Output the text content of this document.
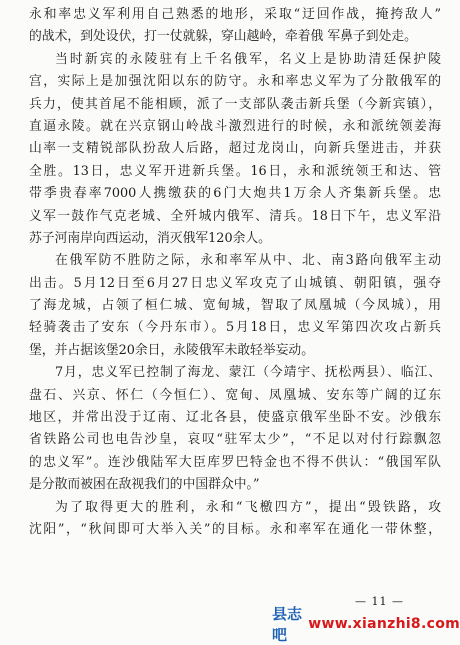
永和率忠义军利用自己熟悉的地形，采取“迂回作战，掩挎敌人”
的战术，到处设伏，打一仗就躲，穿山越岭，牵着俄 军鼻子到处走。
当时新宾的永陵驻有上千名俄军，名义上是协助清廷保护陵
宫，实际上是加强沈阳以东的防守。永和率忠义军为了分散俄军的
兵力，使其首尾不能相顾，派了一支部队袭击新兵堡（今新宾镇），
直逼永陵。就在兴京钢山岭战斗激烈进行的时候，永和派统领姜海
山率一支精锐部队扮敌人后路，超过龙岗山，向新兵堡进击，并获
全胜。13日，忠义军开进新兵堡。16日，永和派统领王和达、管
带季贵春率7000人携缴获的6门大炮共1万余人齐集新兵堡。忠
义军一鼓作气克老城、全歼城内俄军、清兵。18日下午，忠义军沿
苏子河南岸向西运动，消灭俄军120余人。
在俄军防不胜防之际，永和率军从中、北、南3路向俄军主动
出击。5月12日至6月27日忠义军攻克了山城镇、朝阳镇，强夺
了海龙城，占领了桓仁城、宽甸城，智取了凤凰城（今凤城），用
轻骑袭击了安东（今丹东市）。5月18日，忠义军第四次攻占新兵
堡，并占据该堡20余日，永陵俄军未敢轻举妄动。
7月，忠义军已控制了海龙、蒙江（今靖宇、抚松两县）、临江、
盘石、兴京、怀仁（今恒仁）、宽甸、凤凰城、安东等广阔的辽东
地区，并常出没于辽南、辽北各县，使盛京俄军坐卧不安。沙俄东
省铁路公司也电告沙皇，哀叹“驻军太少”，“不足以对付行踪飘忽
的忠义军”。连沙俄陆军大臣库罗巴特金也不得不供认：“俄国军队
是分散而被困在敌视我们的中国群众中。”
为了取得更大的胜利，永和“飞檄四方”，提出“毁铁路，攻
沈阳”，“秋间即可大举入关”的目标。永和率军在通化一带休整，
— 11 —
县志吧
www.xianzhi8.com
